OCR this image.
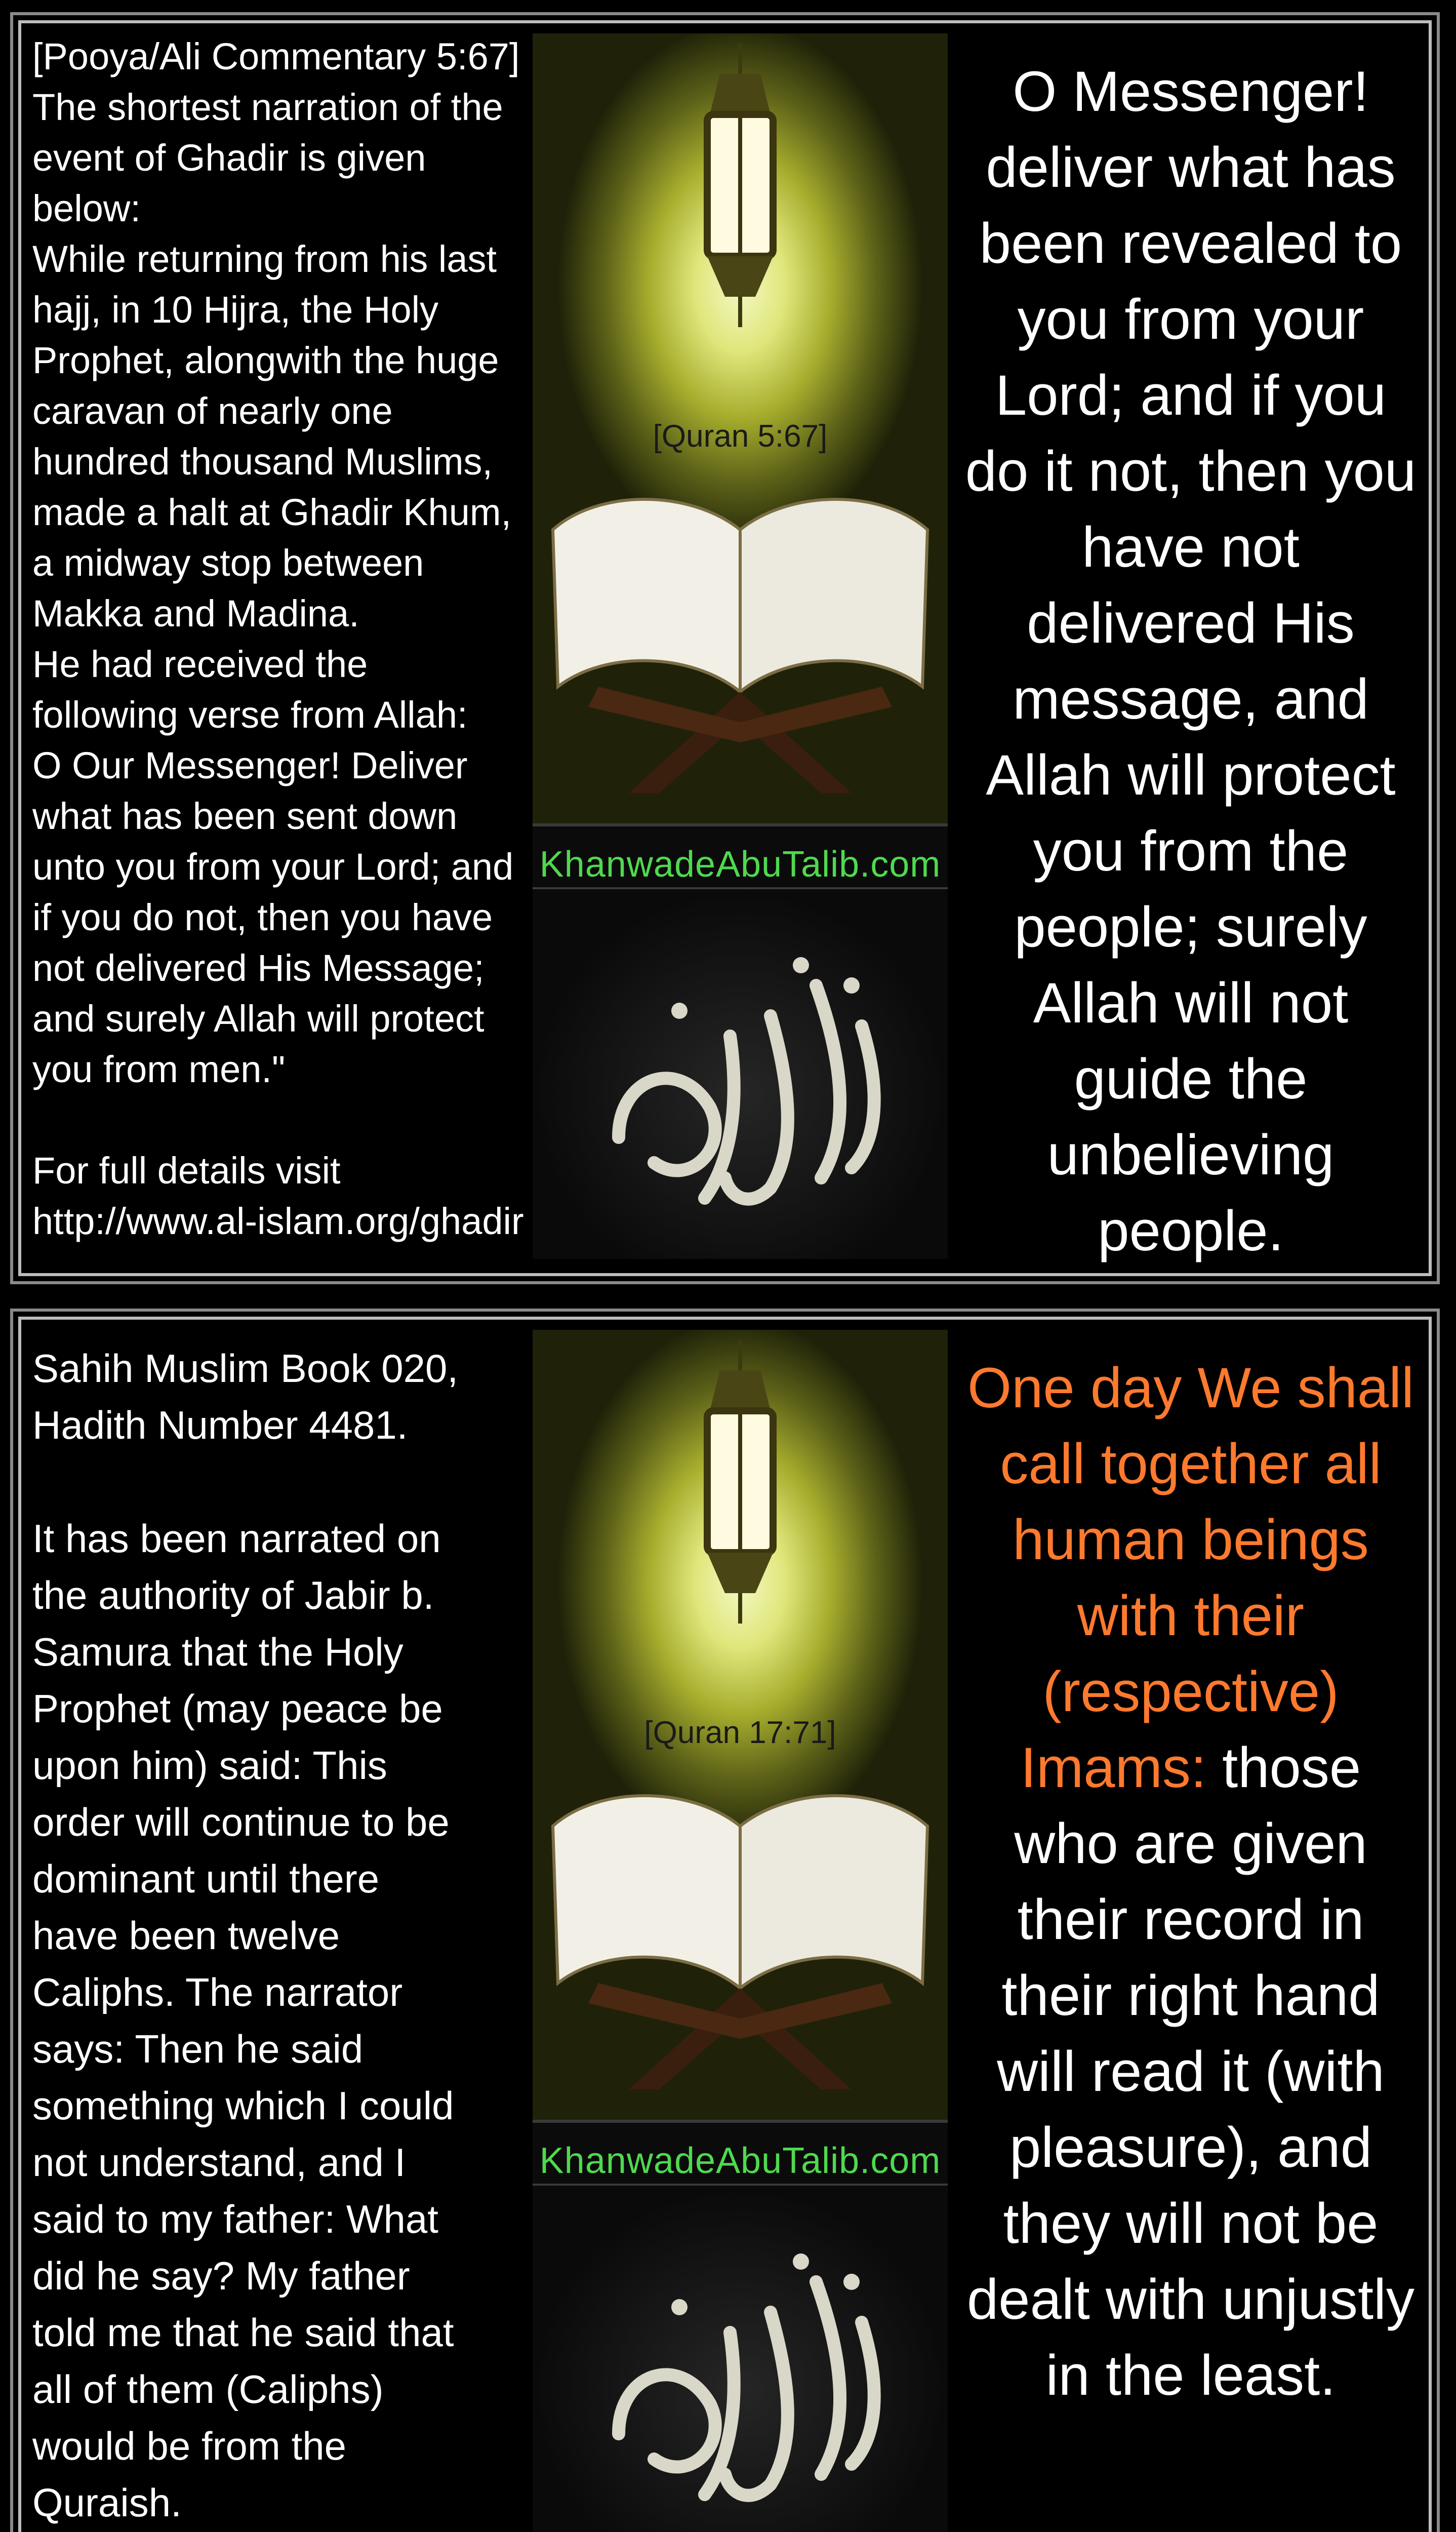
[Pooya/Ali Commentary 5:67]
The shortest narration of the
event of Ghadir is given
below:
While returning from his last
hajj, in 10 Hijra, the Holy
Prophet, alongwith the huge
caravan of nearly one
hundred thousand Muslims,
made a halt at Ghadir Khum,
a midway stop between
Makka and Madina.
He had received the
following verse from Allah:
O Our Messenger! Deliver
what has been sent down
unto you from your Lord; and
if you do not, then you have
not delivered His Message;
and surely Allah will protect
you from men."

For full details visit
http://www.al-islam.org/ghadir
[Quran 5:67]
KhanwadeAbuTalib.com
O Messenger! deliver what has been revealed to you from your Lord; and if you do it not, then you have not delivered His message, and Allah will protect you from the people; surely Allah will not guide the unbelieving people.
Sahih Muslim Book 020,
Hadith Number 4481.

It has been narrated on
the authority of Jabir b.
Samura that the Holy
Prophet (may peace be
upon him) said: This
order will continue to be
dominant until there
have been twelve
Caliphs. The narrator
says: Then he said
something which I could
not understand, and I
said to my father: What
did he say? My father
told me that he said that
all of them (Caliphs)
would be from the
Quraish.
[Quran 17:71]
KhanwadeAbuTalib.com
One day We shall call together all human beings with their (respective) Imams: those who are given their record in their right hand will read it (with pleasure), and they will not be dealt with unjustly in the least.
